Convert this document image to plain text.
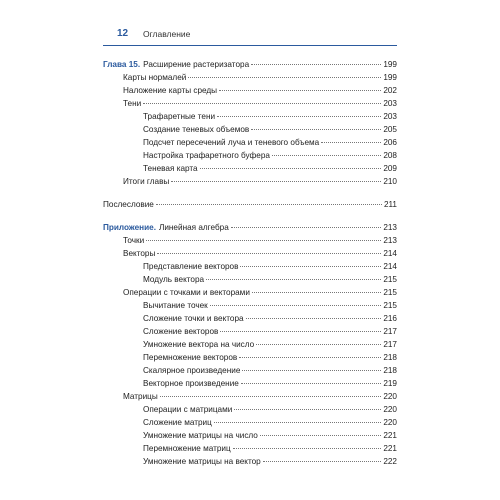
12 Оглавление
Глава 15. Расширение растеризатора	199
Карты нормалей	199
Наложение карты среды	202
Тени	203
Трафаретные тени	203
Создание теневых объемов	205
Подсчет пересечений луча и теневого объема	206
Настройка трафаретного буфера	208
Теневая карта	209
Итоги главы	210
Послесловие	211
Приложение. Линейная алгебра	213
Точки	213
Векторы	214
Представление векторов	214
Модуль вектора	215
Операции с точками и векторами	215
Вычитание точек	215
Сложение точки и вектора	216
Сложение векторов	217
Умножение вектора на число	217
Перемножение векторов	218
Скалярное произведение	218
Векторное произведение	219
Матрицы	220
Операции с матрицами	220
Сложение матриц	220
Умножение матрицы на число	221
Перемножение матриц	221
Умножение матрицы на вектор	222
